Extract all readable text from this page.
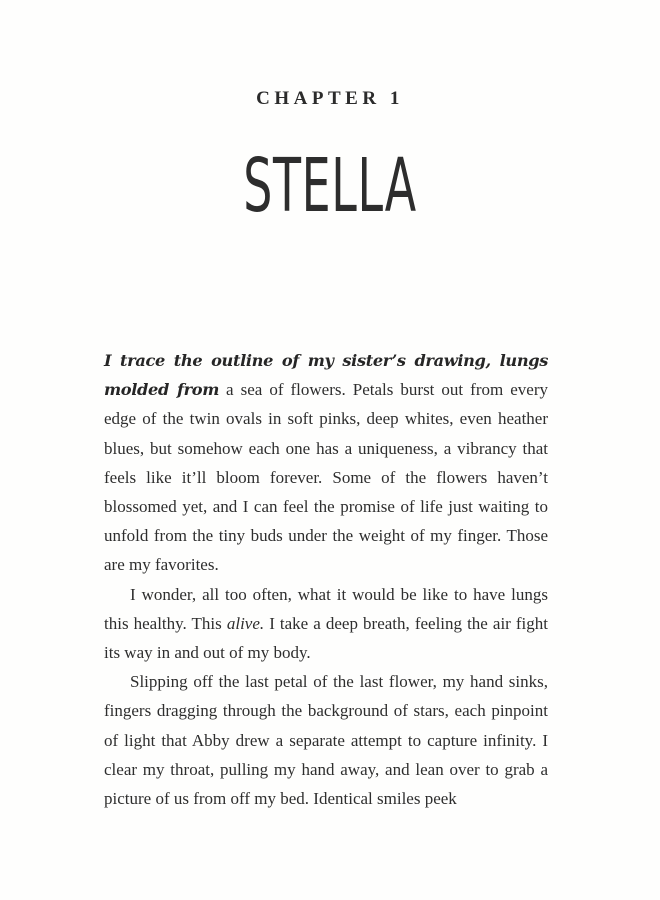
CHAPTER 1
STELLA

I trace the outline of my sister’s drawing, lungs molded from a sea of flowers. Petals burst out from every edge of the twin ovals in soft pinks, deep whites, even heather blues, but somehow each one has a uniqueness, a vibrancy that feels like it’ll bloom forever. Some of the flowers haven’t blossomed yet, and I can feel the promise of life just waiting to unfold from the tiny buds under the weight of my finger. Those are my favorites.

I wonder, all too often, what it would be like to have lungs this healthy. This alive. I take a deep breath, feeling the air fight its way in and out of my body.

Slipping off the last petal of the last flower, my hand sinks, fingers dragging through the background of stars, each pinpoint of light that Abby drew a separate attempt to capture infinity. I clear my throat, pulling my hand away, and lean over to grab a picture of us from off my bed. Identical smiles peek
